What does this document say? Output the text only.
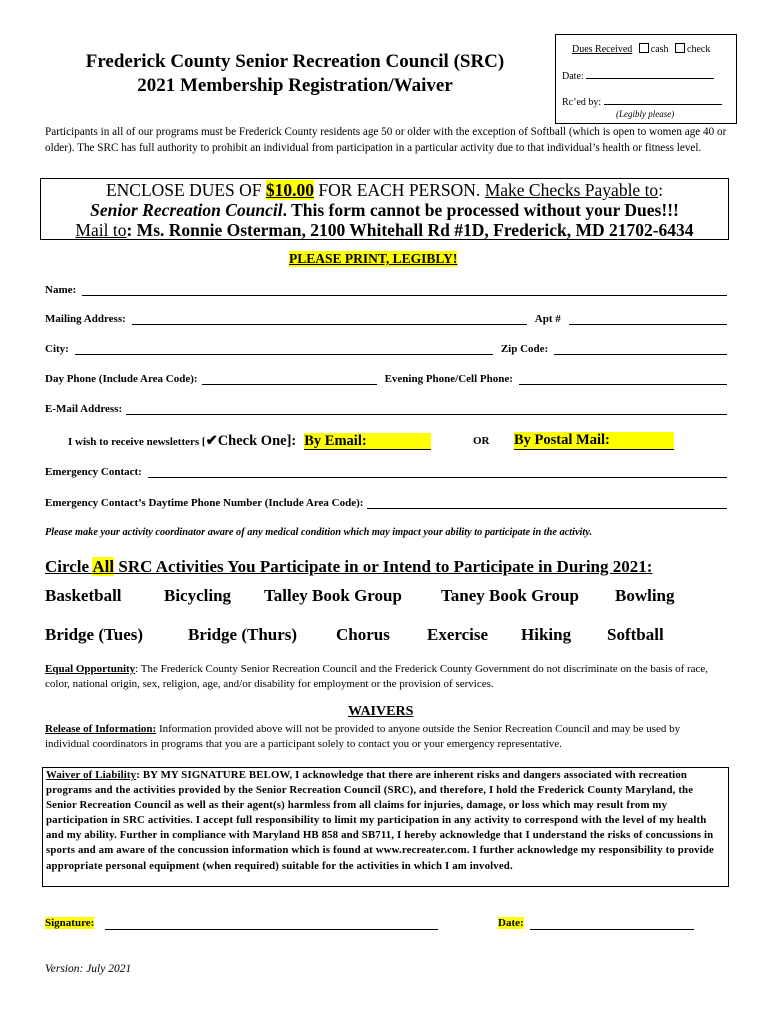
Dues Received cash check
Date:
Rc’ed by:
(Legibly please)
Frederick County Senior Recreation Council (SRC)
2021 Membership Registration/Waiver
Participants in all of our programs must be Frederick County residents age 50 or older with the exception of Softball (which is open to women age 40 or older). The SRC has full authority to prohibit an individual from participation in a particular activity due to that individual’s health or fitness level.
ENCLOSE DUES OF $10.00 FOR EACH PERSON. Make Checks Payable to:
Senior Recreation Council. This form cannot be processed without your Dues!!!
Mail to: Ms. Ronnie Osterman, 2100 Whitehall Rd #1D, Frederick, MD 21702-6434
PLEASE PRINT, LEGIBLY!
Name:
Mailing Address:	Apt #
City:	Zip Code:
Day Phone (Include Area Code):	Evening Phone/Cell Phone:
E-Mail Address:
I wish to receive newsletters [✔Check One]: By Email:	OR By Postal Mail:
Emergency Contact:
Emergency Contact’s Daytime Phone Number (Include Area Code):
Please make your activity coordinator aware of any medical condition which may impact your ability to participate in the activity.
Circle All SRC Activities You Participate in or Intend to Participate in During 2021:
Basketball Bicycling Talley Book Group Taney Book Group Bowling
Bridge (Tues)	Bridge (Thurs) Chorus Exercise Hiking Softball
Equal Opportunity: The Frederick County Senior Recreation Council and the Frederick County Government do not discriminate on the basis of race, color, national origin, sex, religion, age, and/or disability for employment or the provision of services.
WAIVERS
Release of Information: Information provided above will not be provided to anyone outside the Senior Recreation Council and may be used by individual coordinators in programs that you are a participant solely to contact you or your emergency representative.
Waiver of Liability: BY MY SIGNATURE BELOW, I acknowledge that there are inherent risks and dangers associated with recreation programs and the activities provided by the Senior Recreation Council (SRC), and therefore, I hold the Frederick County Maryland, the Senior Recreation Council as well as their agent(s) harmless from all claims for injuries, damage, or loss which may result from my participation in SRC activities. I accept full responsibility to limit my participation in any activity to correspond with the level of my health and my ability. Further in compliance with Maryland HB 858 and SB711, I hereby acknowledge that I understand the risks of concussions in sports and am aware of the concussion information which is found at www.recreater.com. I further acknowledge my responsibility to provide appropriate personal equipment (when required) suitable for the activities in which I am involved.
Signature:	Date:
Version: July 2021
